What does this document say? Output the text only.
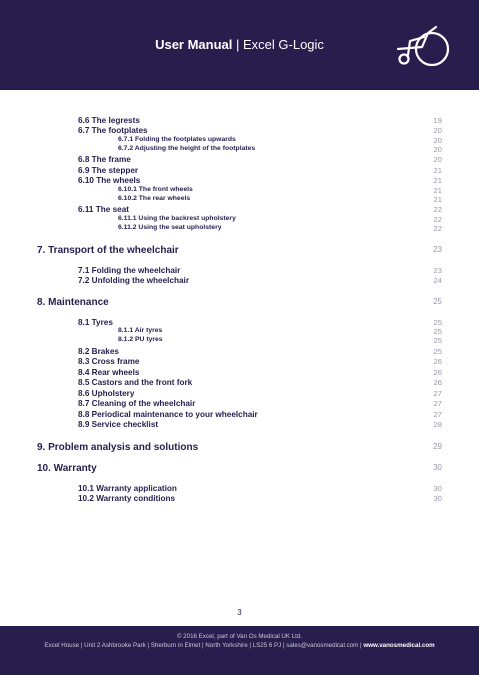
User Manual | Excel G-Logic
6.6 The legrests	19
6.7 The footplates	20
6.7.1 Folding the footplates upwards	20
6.7.2 Adjusting the height of the footplates	20
6.8 The frame	20
6.9 The stepper	21
6.10 The wheels	21
6.10.1 The front wheels	21
6.10.2 The rear wheels	21
6.11 The seat	22
6.11.1 Using the backrest upholstery	22
6.11.2 Using the seat upholstery	22
7. Transport of the wheelchair	23
7.1 Folding the wheelchair	23
7.2 Unfolding the wheelchair	24
8. Maintenance	25
8.1 Tyres	25
8.1.1 Air tyres	25
8.1.2 PU tyres	25
8.2 Brakes	25
8.3 Cross frame	26
8.4 Rear wheels	26
8.5 Castors and the front fork	26
8.6 Upholstery	27
8.7 Cleaning of the wheelchair	27
8.8 Periodical maintenance to your wheelchair	27
8.9 Service checklist	28
9. Problem analysis and solutions	29
10. Warranty	30
10.1 Warranty application	30
10.2 Warranty conditions	30
3
© 2016 Excel, part of Van Os Medical UK Ltd.
Excel House | Unit 2 Ashbrooke Park | Sherburn in Elmet | North Yorkshire | LS25 6 PJ | sales@vanosmedical.com | www.vanosmedical.com
